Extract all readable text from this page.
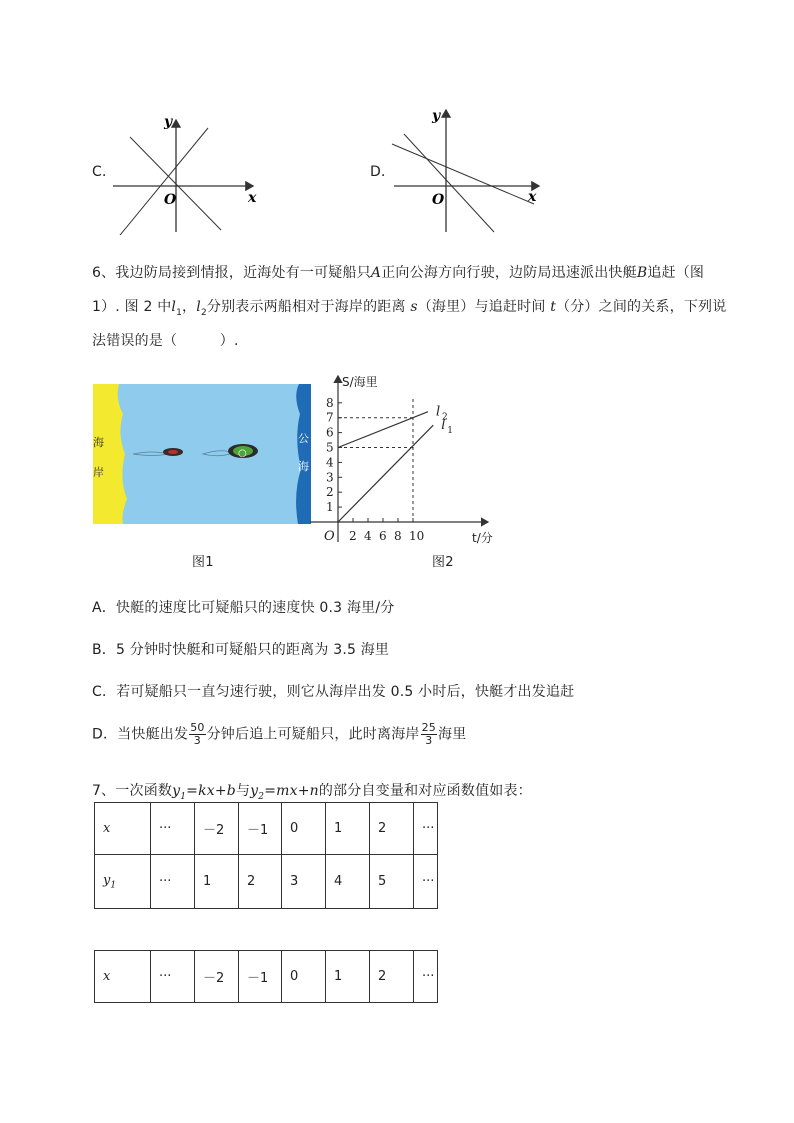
C．
y
x
O
D．
y
x
O
6、我边防局接到情报，近海处有一可疑船只A正向公海方向行驶，边防局迅速派出快艇B追赶（图
1）. 图 2 中$l_1$，$l_2$分别表示两船相对于海岸的距离 s（海里）与追赶时间 t（分）之间的关系，下列说
法错误的是（　　　）.
○
海
岸
公
海
图1
S/海里
t/分
O 2 4 6 8 10
1
2
3
4
5
6
7
8
l 2
l 1
图2
A．快艇的速度比可疑船只的速度快 0.3 海里/分
B．5 分钟时快艇和可疑船只的距离为 3.5 海里
C．若可疑船只一直匀速行驶，则它从海岸出发 0.5 小时后，快艇才出发追赶
D．当快艇出发 $\frac{50}{3}$ 分钟后追上可疑船只，此时离海岸 $\frac{25}{3}$ 海里
7、一次函数$y_1=kx+b$与$y_2=mx+n$的部分自变量和对应函数值如表：
x	···	－2	－1	0	1	2	···
$y_1$	···	1	2	3	4	5	···
x	···	－2	－1	0	1	2	···
